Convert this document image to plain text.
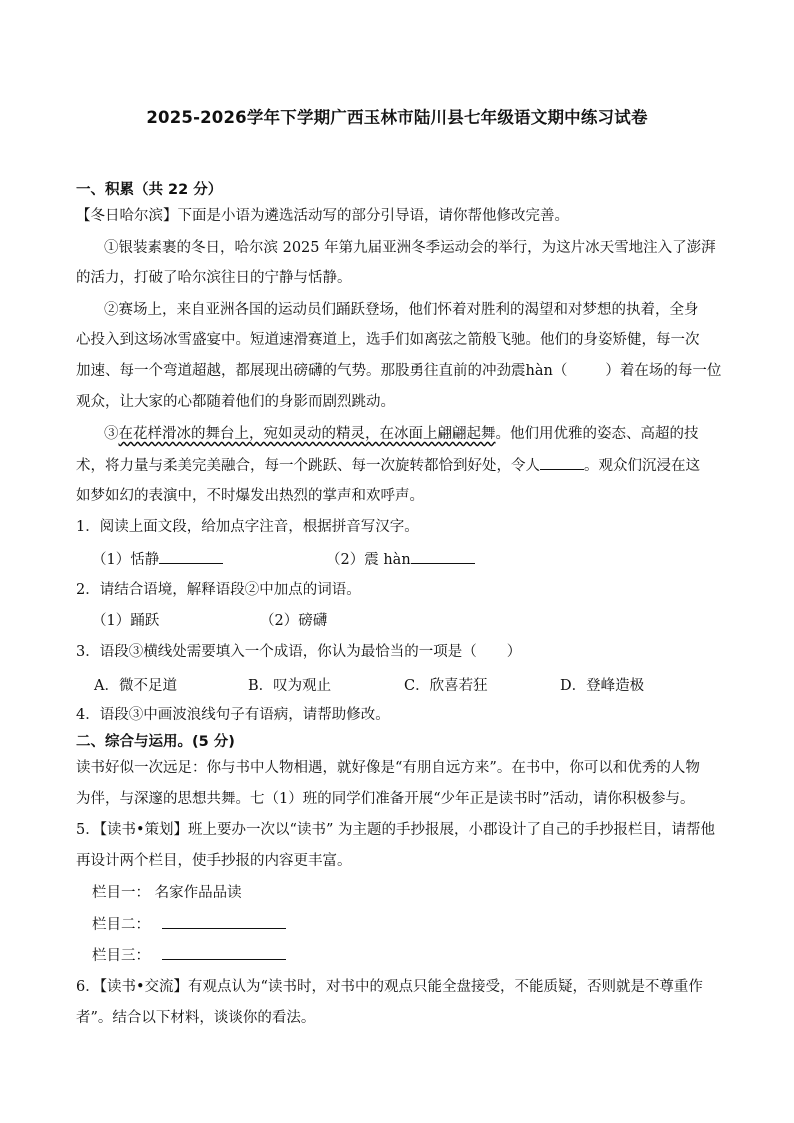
2025-2026学年下学期广西玉林市陆川县七年级语文期中练习试卷
一、积累（共 22 分）
【冬日哈尔滨】下面是小语为遴选活动写的部分引导语，请你帮他修改完善。
①银装素裹的冬日，哈尔滨 2025 年第九届亚洲冬季运动会的举行，为这片冰天雪地注入了澎湃
的活力，打破了哈尔滨往日的宁静与恬静。
②赛场上，来自亚洲各国的运动员们踊跃登场，他们怀着对胜利的渴望和对梦想的执着，全身
心投入到这场冰雪盛宴中。短道速滑赛道上，选手们如离弦之箭般飞驰。他们的身姿矫健，每一次
加速、每一个弯道超越，都展现出磅礴的气势。那股勇往直前的冲劲震hàn（	）着在场的每一位
观众，让大家的心都随着他们的身影而剧烈跳动。
③在花样滑冰的舞台上，宛如灵动的精灵，在冰面上翩翩起舞。他们用优雅的姿态、高超的技
术，将力量与柔美完美融合，每一个跳跃、每一次旋转都恰到好处，令人	。观众们沉浸在这
如梦如幻的表演中，不时爆发出热烈的掌声和欢呼声。
1．阅读上面文段，给加点字注音，根据拼音写汉字。
（1）恬静	（2）震 hàn
2．请结合语境，解释语段②中加点的词语。
（1）踊跃	（2）磅礴
3．语段③横线处需要填入一个成语，你认为最恰当的一项是（ ）
A．微不足道	B．叹为观止	C．欣喜若狂	D．登峰造极
4．语段③中画波浪线句子有语病，请帮助修改。
二、综合与运用。(5 分)
读书好似一次远足：你与书中人物相遇，就好像是“有朋自远方来”。在书中，你可以和优秀的人物
为伴，与深邃的思想共舞。七（1）班的同学们准备开展“少年正是读书时”活动，请你积极参与。
5．【读书•策划】班上要办一次以“读书” 为主题的手抄报展，小郡设计了自己的手抄报栏目，请帮他
再设计两个栏目，使手抄报的内容更丰富。
栏目一： 名家作品品读
栏目二：
栏目三：
6．【读书•交流】有观点认为“读书时，对书中的观点只能全盘接受，不能质疑，否则就是不尊重作
者”。结合以下材料，谈谈你的看法。
